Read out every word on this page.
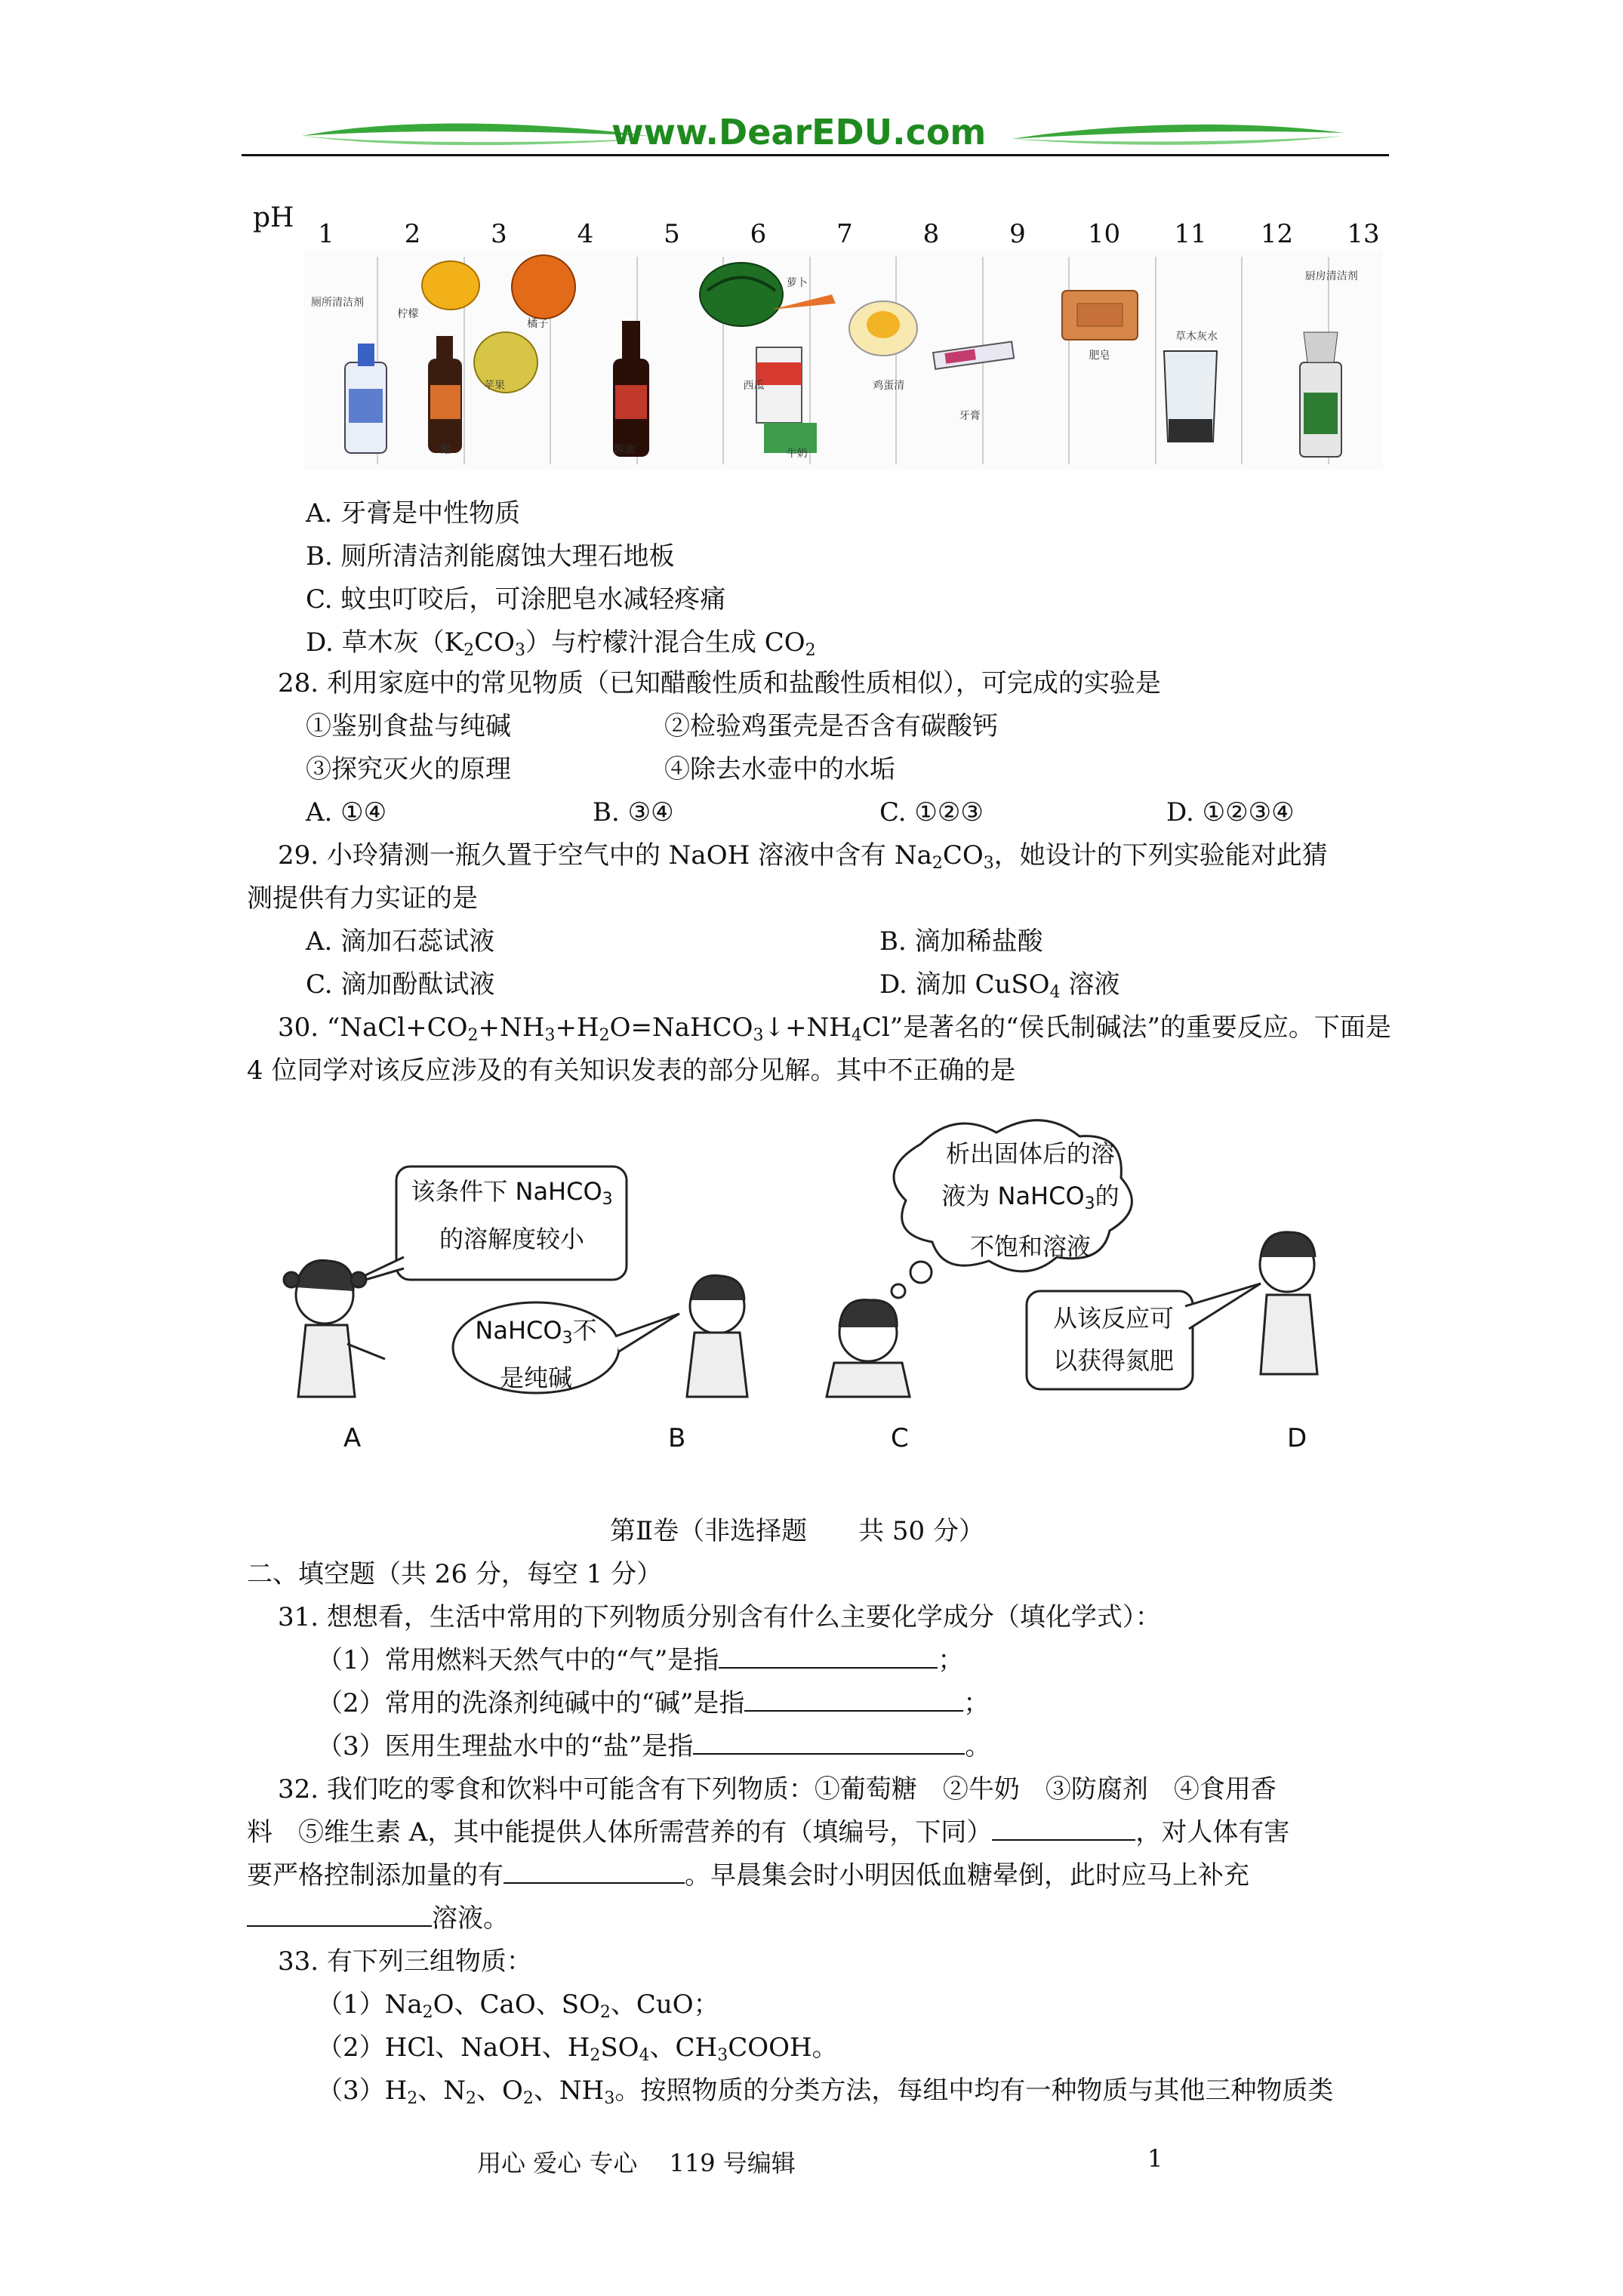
www.DearEDU.com
pH
1	2	3	4	5	6	7	8	9	10 11 12 13
厕所清洁剂
柠檬
醋
苹果
橘子
酱油
西瓜
萝卜
牛奶
鸡蛋清
牙膏
肥皂
草木灰水
厨房清洁剂
A. 牙膏是中性物质
B. 厕所清洁剂能腐蚀大理石地板
C. 蚊虫叮咬后，可涂肥皂水减轻疼痛
D. 草木灰$(K_2CO_3)$与柠檬汁混合生成 $CO_2$
28. 利用家庭中的常见物质（已知醋酸性质和盐酸性质相似），可完成的实验是
①鉴别食盐与纯碱	②检验鸡蛋壳是否含有碳酸钙
③探究灭火的原理	④除去水壶中的水垢
A. ①④	B. ③④	C. ①②③	D. ①②③④
29. 小玲猜测一瓶久置于空气中的 NaOH 溶液中含有 $Na_2CO_3$，她设计的下列实验能对此猜
测提供有力实证的是
A. 滴加石蕊试液	B. 滴加稀盐酸
C. 滴加酚酞试液	D. 滴加 CuSO$_4$ 溶液
30. “$NaCl+CO_2+NH_3+H_2O=NaHCO_3↓+NH_4Cl$”是著名的“侯氏制碱法”的重要反应。下面是
4 位同学对该反应涉及的有关知识发表的部分见解。其中不正确的是
该条件下 NaHCO$_3$
的溶解度较小
NaHCO$_3$不
是纯碱
析出固体后的溶
液为 NaHCO$_3$的
不饱和溶液
从该反应可
以获得氮肥
A	B	C	D
第Ⅱ卷（非选择题　　共 50 分）
二、填空题（共 26 分，每空 1 分）
31. 想想看，生活中常用的下列物质分别含有什么主要化学成分（填化学式）：
（1）常用燃料天然气中的“气”是指	；
（2）常用的洗涤剂纯碱中的“碱”是指	；
（3）医用生理盐水中的“盐”是指	。
32. 我们吃的零食和饮料中可能含有下列物质：①葡萄糖　②牛奶　③防腐剂　④食用香
料　⑤维生素 A，其中能提供人体所需营养的有（填编号，下同）	，对人体有害
要严格控制添加量的有	。早晨集会时小明因低血糖晕倒，此时应马上补充
溶液。
33. 有下列三组物质：
$(1)Na_2O$、CaO、$SO_2$、CuO；
（2）HCl、NaOH、$H_2SO_4$、$CH_3COOH$。
$(3)H_2$、$N_2$、$O_2$、$NH_3$。按照物质的分类方法，每组中均有一种物质与其他三种物质类
用心 爱心 专心　 119 号编辑	1
